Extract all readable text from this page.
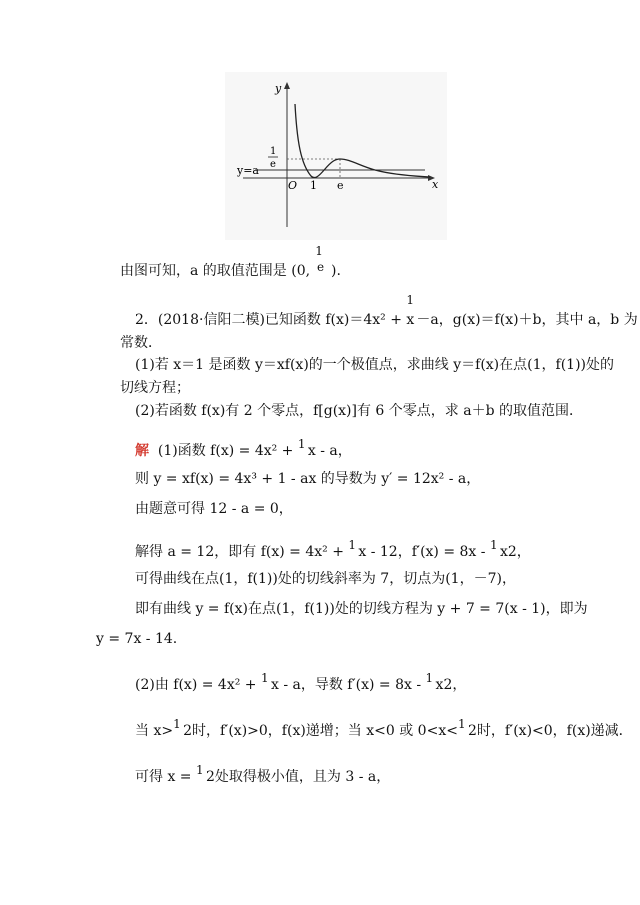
y
x
O 1 e
y=a
1
e
由图可知，a 的取值范围是 (0,
1
e ).
2．(2018·信阳二模)已知函数 f(x)＝4x² +
1
x －a，g(x)＝f(x)＋b，其中 a，b 为
常数．
(1)若 x＝1 是函数 y＝xf(x)的一个极值点，求曲线 y＝f(x)在点(1，f(1))处的
切线方程；
(2)若函数 f(x)有 2 个零点，f[g(x)]有 6 个零点，求 a＋b 的取值范围．
解 (1)函数 f(x) = 4x² + 1 x - a，
则 y = xf(x) = 4x³ + 1 - ax 的导数为 y′ = 12x² - a，
由题意可得 12 - a = 0，
解得 a = 12，即有 f(x) = 4x² + 1 x - 12，f′(x) = 8x - 1 x2，
可得曲线在点(1，f(1))处的切线斜率为 7，切点为(1，－7)，
即有曲线 y = f(x)在点(1，f(1))处的切线方程为 y + 7 = 7(x - 1)，即为
y = 7x - 14.
(2)由 f(x) = 4x² + 1 x - a，导数 f′(x) = 8x - 1 x2，
当 x> 1 2时，f′(x)>0，f(x)递增；当 x<0 或 0<x< 1 2时，f′(x)<0，f(x)递减．
可得 x = 1 2处取得极小值，且为 3 - a，
